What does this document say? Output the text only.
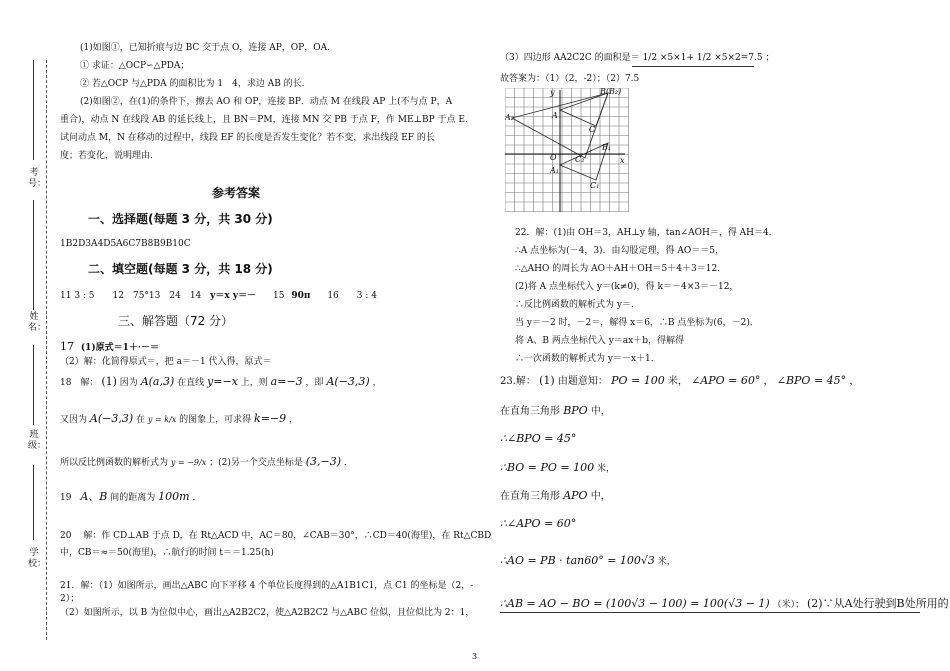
考号：
姓名：
班级：
学校：
(1)如图①，已知折痕与边 BC 交于点 O，连接 AP，OP，OA．
① 求证：△OCP∽△PDA；
② 若△OCP 与△PDA 的面积比为 1　4，求边 AB 的长．
(2)如图②，在(1)的条件下，擦去 AO 和 OP，连接 BP．动点 M 在线段 AP 上(不与点 P，A
重合)，动点 N 在线段 AB 的延长线上，且 BN＝PM，连接 MN 交 PB 于点 F，作 ME⊥BP 于点 E．
试问动点 M，N 在移动的过程中，线段 EF 的长度是否发生变化？若不变，求出线段 EF 的长
度；若变化，说明理由．
参考答案
一、选择题(每题 3 分，共 30 分)
1B2D3A4D5A6C7B8B9B10C
二、填空题(每题 3 分，共 18 分)
11 3 : 5　　12　75°13　24　14 y＝x y＝－ 15 90π 16　　3 : 4
三、解答题（72 分）
17 (1)原式＝1＋·－＝
（2）解：化简得原式＝，把 a＝－1 代入得，原式＝
18　解： (1) 因为 A(a,3) 在直线 y=−x 上，则 a=−3 ，即 A(−3,3) ，
又因为 A(−3,3) 在 y = k/x 的图象上，可求得 k=−9 ，
所以反比例函数的解析式为 y = −9/x ；(2)另一个交点坐标是 (3,−3) ．
19 A、B 间的距离为 100m ．
20　 解：作 CD⊥AB 于点 D，在 Rt△ACD 中，AC＝80，∠CAB＝30°，∴CD＝40(海里)，在 Rt△CBD
中，CB＝≈＝50(海里)，∴航行的时间 t＝＝1.25(h)
21．解：（1）如图所示，画出△ABC 向下平移 4 个单位长度得到的△A1B1C1，点 C1 的坐标是（2，-
2）；
（2）如图所示，以 B 为位似中心，画出△A2B2C2，使△A2B2C2 与△ABC 位似，且位似比为 2：1，
（3）四边形 AA2C2C 的面积是＝ 1/2 ×5×1+ 1/2 ×5×2=7.5 ；
故答案为：（1）（2，-2）；（2）7.5
y
x
B(B₂)
A₂	A
C
O C₂
B₁
A₁
C₁
22．解：(1)由 OH＝3，AH⊥y 轴，tan∠AOH＝，得 AH＝4．
∴A 点坐标为(－4，3)．由勾股定理，得 AO＝＝5，
∴△AHO 的周长为 AO＋AH＋OH＝5＋4＋3＝12．
(2)将 A 点坐标代入 y＝(k≠0)，得 k＝－4×3＝－12，
∴反比例函数的解析式为 y＝．
当 y＝－2 时，－2＝，解得 x＝6，∴B 点坐标为(6，－2)．
将 A、B 两点坐标代入 y＝ax＋b，得解得
∴一次函数的解析式为 y＝－x＋1．
23.解： (1) 由题意知： PO = 100 米， ∠APO = 60° ， ∠BPO = 45° ，
在直角三角形 BPO 中，
∴∠BPO = 45°
∴BO = PO = 100 米，
在直角三角形 APO 中，
∴∠APO = 60°
∴AO = PB · tan60° = 100√3 米，
∴AB = AO − BO = (100√3 − 100) = 100(√3 − 1) （米）； (2)∵从A处行驶到B处所用的
3
